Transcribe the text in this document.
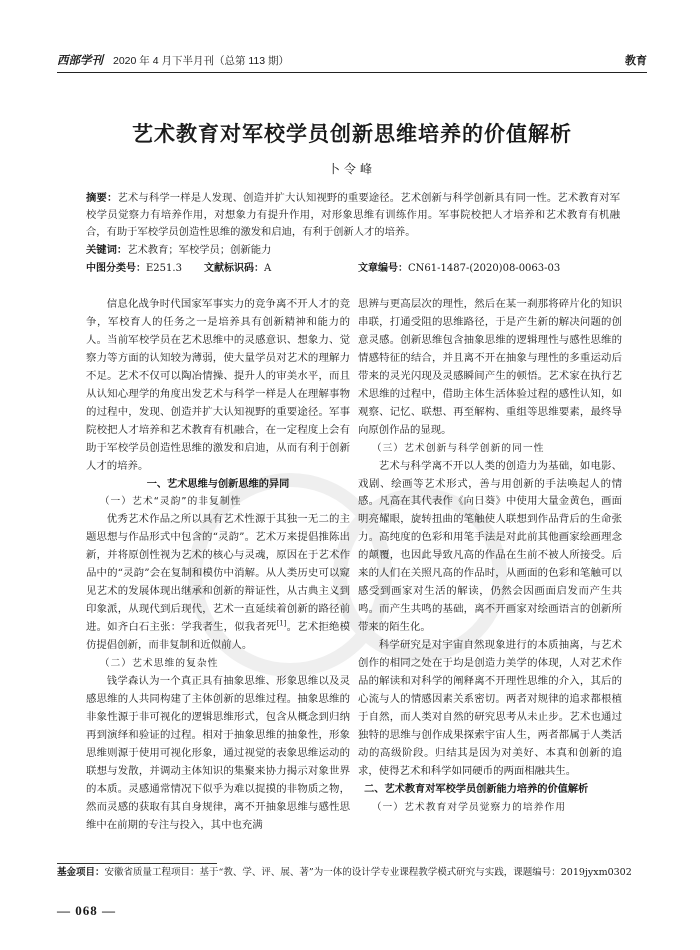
西部学刊 2020 年 4 月下半月刊（总第 113 期）	教育
艺术教育对军校学员创新思维培养的价值解析
卜令峰
摘要：艺术与科学一样是人发现、创造并扩大认知视野的重要途径。艺术创新与科学创新具有同一性。艺术教育对军校学员觉察力有培养作用，对想象力有提升作用，对形象思维有训练作用。军事院校把人才培养和艺术教育有机融合，有助于军校学员创造性思维的激发和启迪，有利于创新人才的培养。
关键词：艺术教育；军校学员；创新能力
中图分类号：E251.3 文献标识码：A	文章编号：CN61-1487-(2020)08-0063-03

信息化战争时代国家军事实力的竞争离不开人才的竞争，军校育人的任务之一是培养具有创新精神和能力的人。当前军校学员在艺术思维中的灵感意识、想象力、觉察力等方面的认知较为薄弱，使大量学员对艺术的理解力不足。艺术不仅可以陶冶情操、提升人的审美水平，而且从认知心理学的角度出发艺术与科学一样是人在理解事物的过程中，发现、创造并扩大认知视野的重要途径。军事院校把人才培养和艺术教育有机融合，在一定程度上会有助于军校学员创造性思维的激发和启迪，从而有利于创新人才的培养。

一、艺术思维与创新思维的异同

（一）艺术“灵韵”的非复制性

优秀艺术作品之所以具有艺术性源于其独一无二的主题思想与作品形式中包含的“灵韵”。艺术万来提倡推陈出新，并将原创性视为艺术的核心与灵魂，原因在于艺术作品中的“灵韵”会在复制和模仿中消解。从人类历史可以窥见艺术的发展体现出继承和创新的辩证性，从古典主义到印象派，从现代到后现代，艺术一直延续着创新的路径前进。如齐白石主张：学我者生，似我者死[1]。艺术拒绝模仿提倡创新，而非复制和近似前人。

（二）艺术思维的复杂性

钱学森认为一个真正具有抽象思维、形象思维以及灵感思维的人共同构建了主体创新的思维过程。抽象思维的非象性源于非可视化的逻辑思维形式，包含从概念到归纳再到演绎和验证的过程。相对于抽象思维的抽象性，形象思维则源于使用可视化形象，通过视觉的表象思维运动的联想与发散，并调动主体知识的集聚来协力揭示对象世界的本质。灵感通常情况下似乎为难以捉摸的非物质之物，然而灵感的获取有其自身规律，离不开抽象思维与感性思维中在前期的专注与投入，其中也充满

思辨与更高层次的理性，然后在某一刹那将碎片化的知识串联，打通受阻的思维路径，于是产生新的解决问题的创意灵感。创新思维包含抽象思维的逻辑理性与感性思维的情感特征的结合，并且离不开在抽象与理性的多重运动后带来的灵光闪现及灵感瞬间产生的顿悟。艺术家在执行艺术思维的过程中，借助主体生活体验过程的感性认知，如观察、记忆、联想、再至解构、重组等思维要素，最终导向原创作品的显现。

（三）艺术创新与科学创新的同一性

艺术与科学离不开以人类的创造力为基础，如电影、戏剧、绘画等艺术形式，善与用创新的手法唤起人的情感。凡高在其代表作《向日葵》中使用大量金黄色，画面明亮耀眼，旋转扭曲的笔触使人联想到作品背后的生命张力。高纯度的色彩和用笔手法是对此前其他画家绘画理念的颠覆，也因此导致凡高的作品在生前不被人所接受。后来的人们在关照凡高的作品时，从画面的色彩和笔触可以感受到画家对生活的解读，仍然会因画面启发而产生共鸣。而产生共鸣的基础，离不开画家对绘画语言的创新所带来的陌生化。

科学研究是对宇宙自然现象进行的本质抽离，与艺术创作的相同之处在于均是创造力美学的体现，人对艺术作品的解读和对科学的阐释离不开理性思维的介入，其后的心流与人的情感因素关系密切。两者对规律的追求都根植于自然，而人类对自然的研究思考从未止步。艺术也通过独特的思维与创作成果探索宇宙人生，两者都属于人类活动的高级阶段。归结其是因为对美好、本真和创新的追求，使得艺术和科学如同硬币的两面相融共生。

二、艺术教育对军校学员创新能力培养的价值解析

（一）艺术教育对学员觉察力的培养作用

基金项目：安徽省质量工程项目：基于“教、学、评、展、著”为一体的设计学专业课程教学模式研究与实践，课题编号：2019jyxm0302
— 068 —
